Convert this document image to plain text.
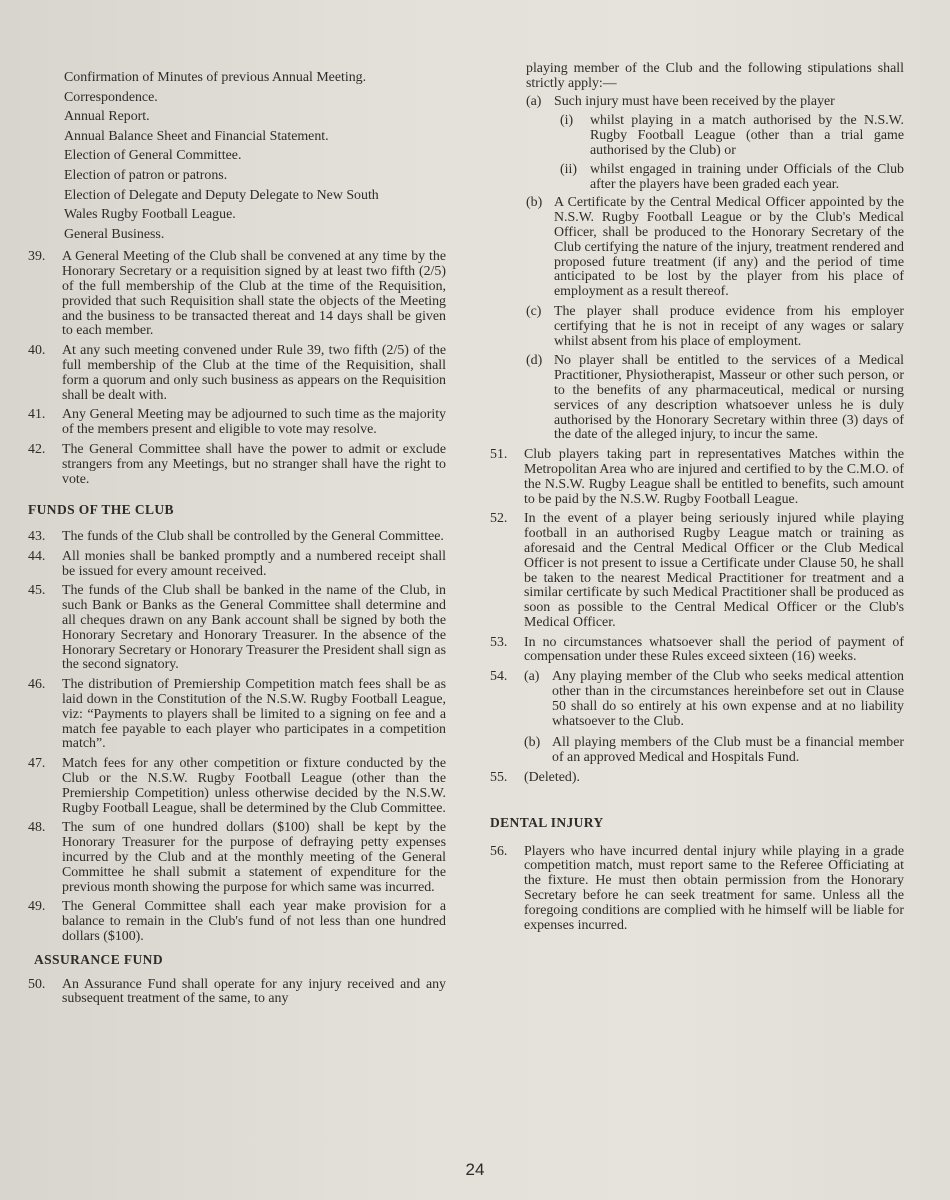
Confirmation of Minutes of previous Annual Meeting.
Correspondence.
Annual Report.
Annual Balance Sheet and Financial Statement.
Election of General Committee.
Election of patron or patrons.
Election of Delegate and Deputy Delegate to New South
Wales Rugby Football League.
General Business.
39. A General Meeting of the Club shall be convened at any time by the Honorary Secretary or a requisition signed by at least two fifth (2/5) of the full membership of the Club at the time of the Requisition, provided that such Requisition shall state the objects of the Meeting and the business to be transacted thereat and 14 days shall be given to each member.
40. At any such meeting convened under Rule 39, two fifth (2/5) of the full membership of the Club at the time of the Requisition, shall form a quorum and only such business as appears on the Requisition shall be dealt with.
41. Any General Meeting may be adjourned to such time as the majority of the members present and eligible to vote may resolve.
42. The General Committee shall have the power to admit or exclude strangers from any Meetings, but no stranger shall have the right to vote.
FUNDS OF THE CLUB
43. The funds of the Club shall be controlled by the General Committee.
44. All monies shall be banked promptly and a numbered receipt shall be issued for every amount received.
45. The funds of the Club shall be banked in the name of the Club, in such Bank or Banks as the General Committee shall determine and all cheques drawn on any Bank account shall be signed by both the Honorary Secretary and Honorary Treasurer. In the absence of the Honorary Secretary or Honorary Treasurer the President shall sign as the second signatory.
46. The distribution of Premiership Competition match fees shall be as laid down in the Constitution of the N.S.W. Rugby Football League, viz: “Payments to players shall be limited to a signing on fee and a match fee payable to each player who participates in a competition match”.
47. Match fees for any other competition or fixture conducted by the Club or the N.S.W. Rugby Football League (other than the Premiership Competition) unless otherwise decided by the N.S.W. Rugby Football League, shall be determined by the Club Committee.
48. The sum of one hundred dollars ($100) shall be kept by the Honorary Treasurer for the purpose of defraying petty expenses incurred by the Club and at the monthly meeting of the General Committee he shall submit a statement of expenditure for the previous month showing the purpose for which same was incurred.
49. The General Committee shall each year make provision for a balance to remain in the Club's fund of not less than one hundred dollars ($100).
ASSURANCE FUND
50. An Assurance Fund shall operate for any injury received and any subsequent treatment of the same, to any
playing member of the Club and the following stipulations shall strictly apply:—
(a) Such injury must have been received by the player
(i) whilst playing in a match authorised by the N.S.W. Rugby Football League (other than a trial game authorised by the Club) or
(ii) whilst engaged in training under Officials of the Club after the players have been graded each year.
(b) A Certificate by the Central Medical Officer appointed by the N.S.W. Rugby Football League or by the Club's Medical Officer, shall be produced to the Honorary Secretary of the Club certifying the nature of the injury, treatment rendered and proposed future treatment (if any) and the period of time anticipated to be lost by the player from his place of employment as a result thereof.
(c) The player shall produce evidence from his employer certifying that he is not in receipt of any wages or salary whilst absent from his place of employment.
(d) No player shall be entitled to the services of a Medical Practitioner, Physiotherapist, Masseur or other such person, or to the benefits of any pharmaceutical, medical or nursing services of any description whatsoever unless he is duly authorised by the Honorary Secretary within three (3) days of the date of the alleged injury, to incur the same.
51. Club players taking part in representatives Matches within the Metropolitan Area who are injured and certified to by the C.M.O. of the N.S.W. Rugby League shall be entitled to benefits, such amount to be paid by the N.S.W. Rugby Football League.
52. In the event of a player being seriously injured while playing football in an authorised Rugby League match or training as aforesaid and the Central Medical Officer or the Club Medical Officer is not present to issue a Certificate under Clause 50, he shall be taken to the nearest Medical Practitioner for treatment and a similar certificate by such Medical Practitioner shall be produced as soon as possible to the Central Medical Officer or the Club's Medical Officer.
53. In no circumstances whatsoever shall the period of payment of compensation under these Rules exceed sixteen (16) weeks.
54. (a) Any playing member of the Club who seeks medical attention other than in the circumstances hereinbefore set out in Clause 50 shall do so entirely at his own expense and at no liability whatsoever to the Club.
(b) All playing members of the Club must be a financial member of an approved Medical and Hospitals Fund.
55. (Deleted).
DENTAL INJURY
56. Players who have incurred dental injury while playing in a grade competition match, must report same to the Referee Officiating at the fixture. He must then obtain permission from the Honorary Secretary before he can seek treatment for same. Unless all the foregoing conditions are complied with he himself will be liable for expenses incurred.
24
